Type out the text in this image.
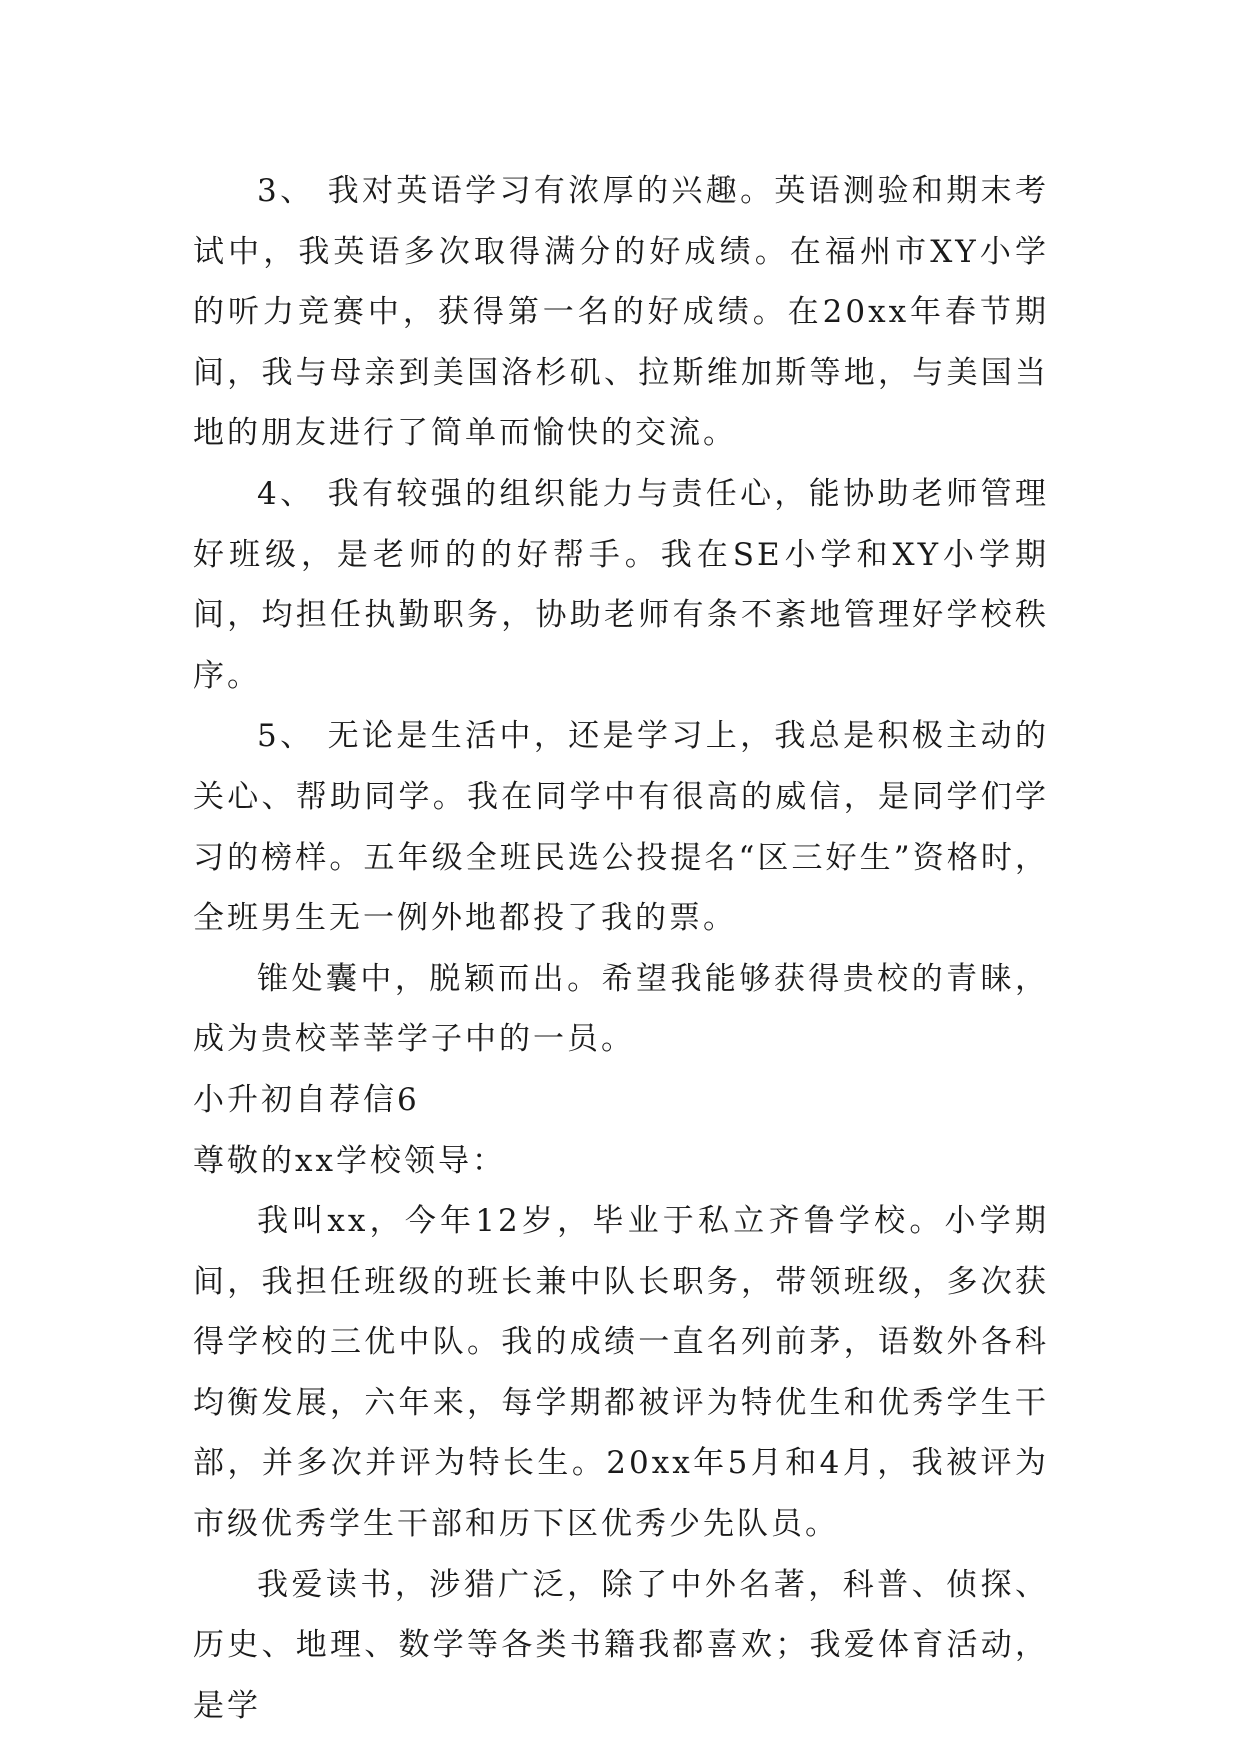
3、 我对英语学习有浓厚的兴趣。英语测验和期末考试中，我英语多次取得满分的好成绩。在福州市XY小学的听力竞赛中，获得第一名的好成绩。在20xx年春节期间，我与母亲到美国洛杉矶、拉斯维加斯等地，与美国当地的朋友进行了简单而愉快的交流。

4、 我有较强的组织能力与责任心，能协助老师管理好班级，是老师的的好帮手。我在SE小学和XY小学期间，均担任执勤职务，协助老师有条不紊地管理好学校秩序。

5、 无论是生活中，还是学习上，我总是积极主动的关心、帮助同学。我在同学中有很高的威信，是同学们学习的榜样。五年级全班民选公投提名“区三好生”资格时，全班男生无一例外地都投了我的票。

锥处囊中，脱颖而出。希望我能够获得贵校的青睐，成为贵校莘莘学子中的一员。

小升初自荐信6

尊敬的xx学校领导：

我叫xx，今年12岁，毕业于私立齐鲁学校。小学期间，我担任班级的班长兼中队长职务，带领班级，多次获得学校的三优中队。我的成绩一直名列前茅，语数外各科均衡发展，六年来，每学期都被评为特优生和优秀学生干部，并多次并评为特长生。20xx年5月和4月，我被评为市级优秀学生干部和历下区优秀少先队员。

我爱读书，涉猎广泛，除了中外名著，科普、侦探、历史、地理、数学等各类书籍我都喜欢；我爱体育活动，是学
